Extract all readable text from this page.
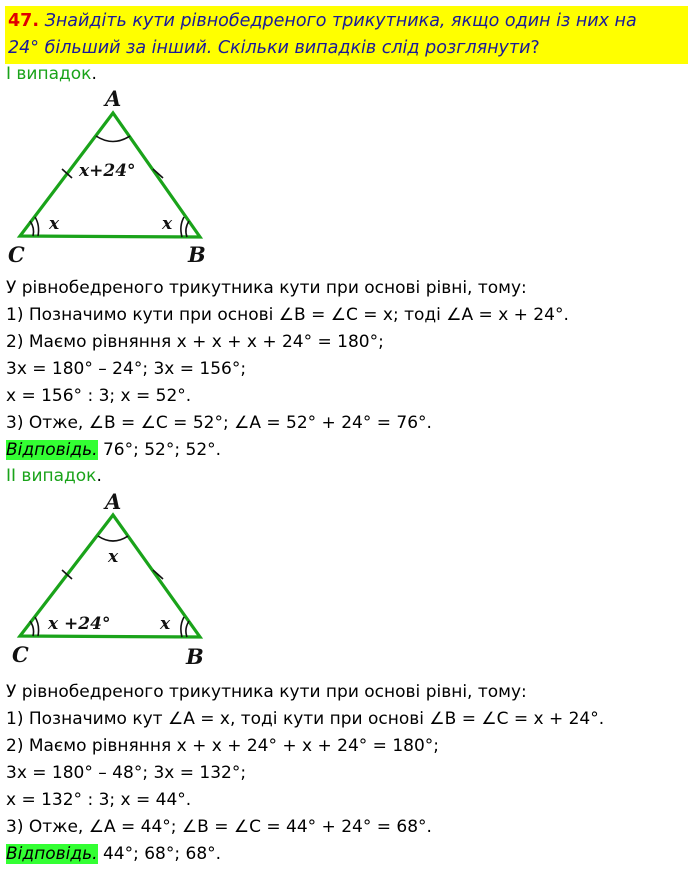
47. Знайдіть кути рівнобедреного трикутника, якщо один із них на
24° більший за інший. Скільки випадків слід розглянути?
І випадок.
A
C	B
x+24°
x	x
У рівнобедреного трикутника кути при основі рівні, тому:
1) Позначимо кути при основі ∠B = ∠C = x; тоді ∠A = x + 24°.
2) Маємо рівняння x + x + x + 24° = 180°;
3x = 180° – 24°; 3x = 156°;
x = 156° : 3; x = 52°.
3) Отже, ∠B = ∠C = 52°; ∠A = 52° + 24° = 76°.
Відповідь. 76°; 52°; 52°.
ІІ випадок.
A
C	B
x
x +24°	x
У рівнобедреного трикутника кути при основі рівні, тому:
1) Позначимо кут ∠A = x, тоді кути при основі ∠B = ∠C = x + 24°.
2) Маємо рівняння x + x + 24° + x + 24° = 180°;
3x = 180° – 48°; 3x = 132°;
x = 132° : 3; x = 44°.
3) Отже, ∠A = 44°; ∠B = ∠C = 44° + 24° = 68°.
Відповідь. 44°; 68°; 68°.
